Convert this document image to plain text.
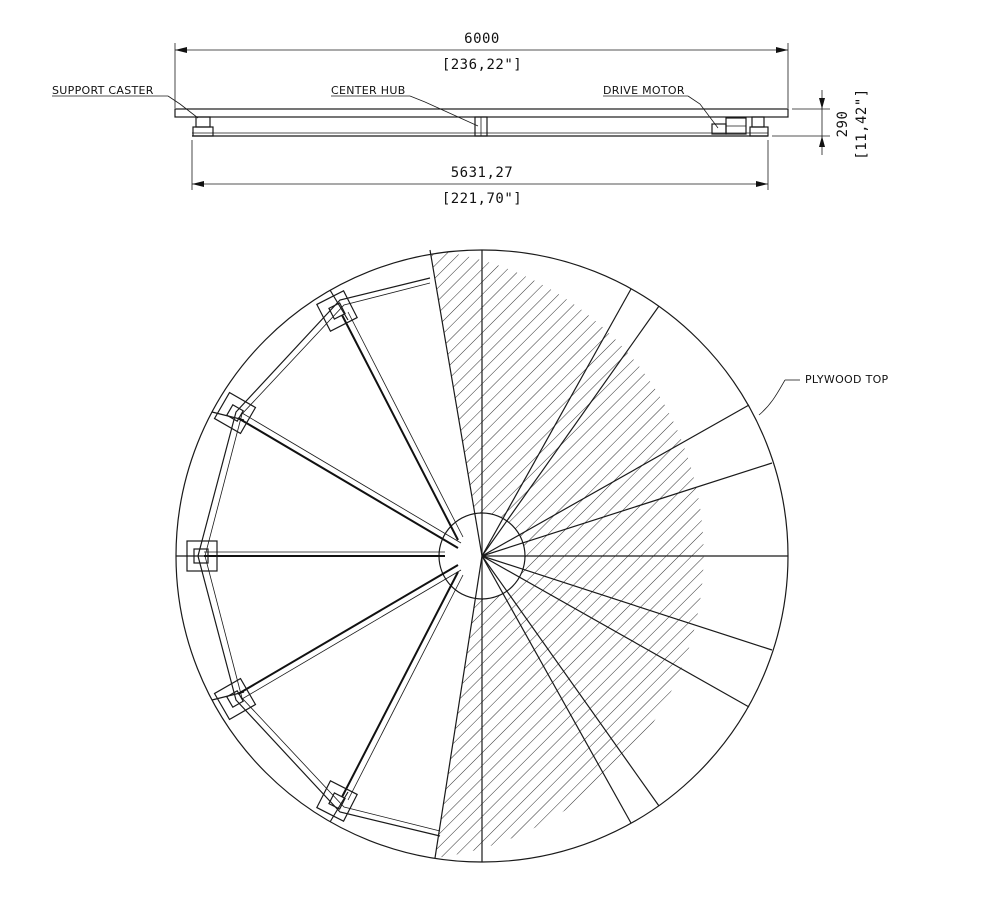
6000
[236,22"]
SUPPORT CASTER	CENTER HUB	DRIVE MOTOR
290 [11,42"]
5631,27
[221,70"]
PLYWOOD TOP
